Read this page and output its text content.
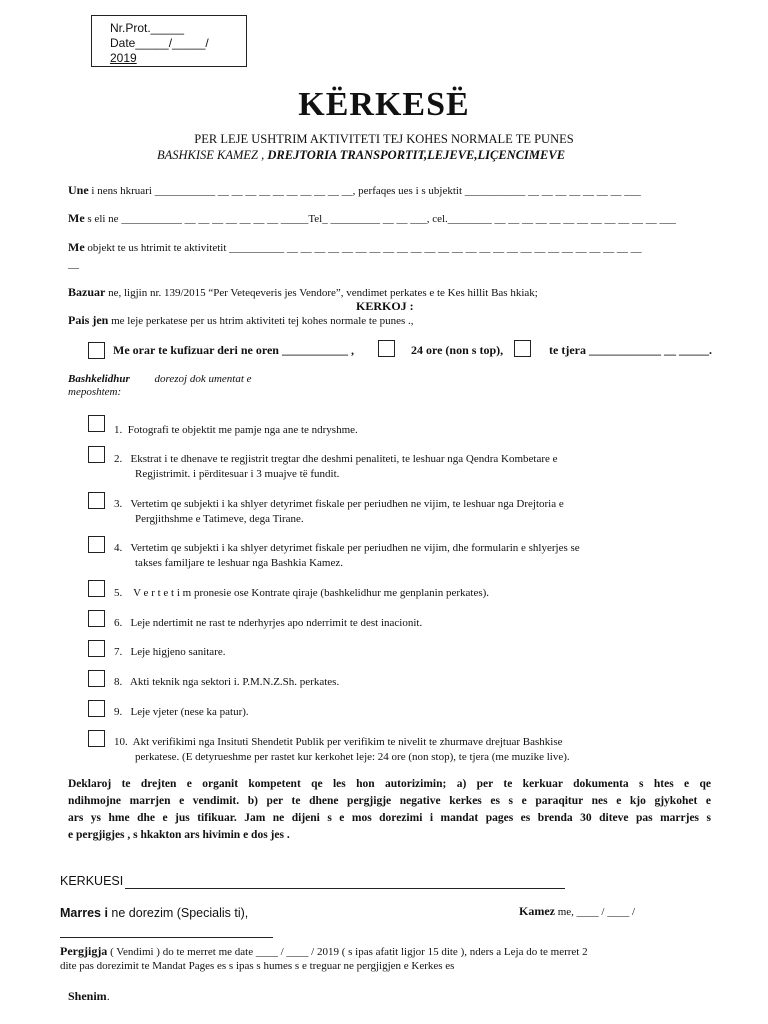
Nr.Prot._____
Date_____/_____/
2019
KËRKESË
PER LEJE USHTRIM AKTIVITETI TEJ KOHES NORMALE TE PUNES
BASHKISE KAMEZ , DREJTORIA TRANSPORTIT,LEJEVE,LIÇENCIMEVE
Une i nens hkruari ___________ __ __ __ __ __ __ __ __ __ __, perfaqes ues i s ubjektit ___________ __ __ __ __ __ __ __ ___
Me s eli ne ___________ __ __ __ __ __ __ __ _____Tel_ _________ __ __ ___, cel.________ __ __ __ __ __ __ __ __ __ __ __ __ ___
Me objekt te us htrimit te aktivitetit __________ __ __ __ __ __ __ __ __ __ __ __ __ __ __ __ __ __ __ __ __ __ __ __ __ __ __
__
Bazuar ne, ligjin nr. 139/2015 “Per Veteqeveris jes Vendore”, vendimet perkates e te Kes hillit Bas hkiak;
KERKOJ :
Pais jen me leje perkatese per us htrim aktiviteti tej kohes normale te punes .,
Me orar te kufizuar deri ne oren ___________ ,	24 ore (non s top),	te tjera ____________ __ _____.
Bashkelidhur dorezoj dok umentat e
meposhtem:
1. Fotografi te objektit me pamje nga ane te ndryshme.
2. Ekstrat i te dhenave te regjistrit tregtar dhe deshmi penaliteti, te leshuar nga Qendra Kombetare e
Regjistrimit. i përditesuar i 3 muajve të fundit.
3. Vertetim qe subjekti i ka shlyer detyrimet fiskale per periudhen ne vijim, te leshuar nga Drejtoria e
Pergjithshme e Tatimeve, dega Tirane.
4. Vertetim qe subjekti i ka shlyer detyrimet fiskale per periudhen ne vijim, dhe formularin e shlyerjes se
takses familjare te leshuar nga Bashkia Kamez.
5. V e r t e t i m pronesie ose Kontrate qiraje (bashkelidhur me genplanin perkates).
6. Leje ndertimit ne rast te nderhyrjes apo nderrimit te dest inacionit.
7. Leje higjeno sanitare.
8. Akti teknik nga sektori i. P.M.N.Z.Sh. perkates.
9. Leje vjeter (nese ka patur).
10. Akt verifikimi nga Insituti Shendetit Publik per verifikim te nivelit te zhurmave drejtuar Bashkise
perkatese. (E detyrueshme per rastet kur kerkohet leje: 24 ore (non stop), te tjera (me muzike live).
Deklaroj te drejten e organit kompetent qe les hon autorizimin; a) per te kerkuar dokumenta s htes e qe
ndihmojne marrjen e vendimit. b) per te dhene pergjigje negative kerkes es s e paraqitur nes e kjo gjykohet e
ars ys hme dhe e jus tifikuar. Jam ne dijeni s e mos dorezimi i mandat pages es brenda 30 diteve pas marrjes s
e pergjigjes , s hkakton ars hivimin e dos jes .
KERKUESI
Marres i ne dorezim (Specialis ti),	Kamez me, ____ / ____ /
Pergjigja ( Vendimi ) do te merret me date ____ / ____ / 2019 ( s ipas afatit ligjor 15 dite ), nders a Leja do te merret 2
dite pas dorezimit te Mandat Pages es s ipas s humes s e treguar ne pergjigjen e Kerkes es
Shenim.
